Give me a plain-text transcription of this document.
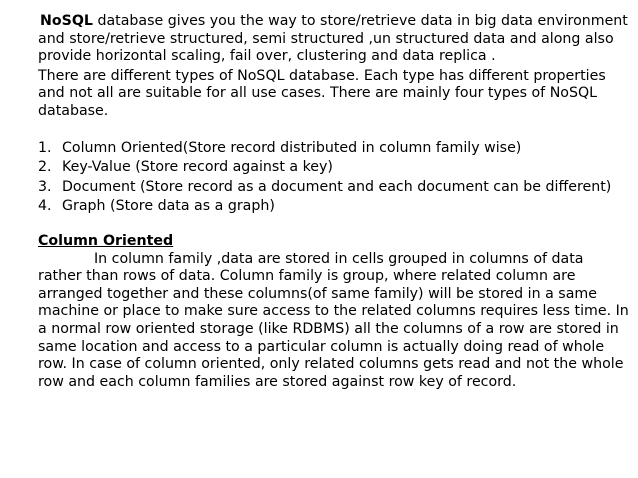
NoSQL database gives you the way to store/retrieve data in big data environment and store/retrieve structured, semi structured ,un structured data and along also provide horizontal scaling, fail over, clustering and data replica .

There are different types of NoSQL database. Each type has different properties and not all are suitable for all use cases. There are mainly four types of NoSQL database.

1. Column Oriented(Store record distributed in column family wise)
2. Key-Value (Store record against a key)
3. Document (Store record as a document and each document can be different)
4. Graph (Store data as a graph)

Column Oriented

In column family ,data are stored in cells grouped in columns of data rather than rows of data. Column family is group, where related column are arranged together and these columns(of same family) will be stored in a same machine or place to make sure access to the related columns requires less time. In a normal row oriented storage (like RDBMS) all the columns of a row are stored in same location and access to a particular column is actually doing read of whole row. In case of column oriented, only related columns gets read and not the whole row and each column families are stored against row key of record.
